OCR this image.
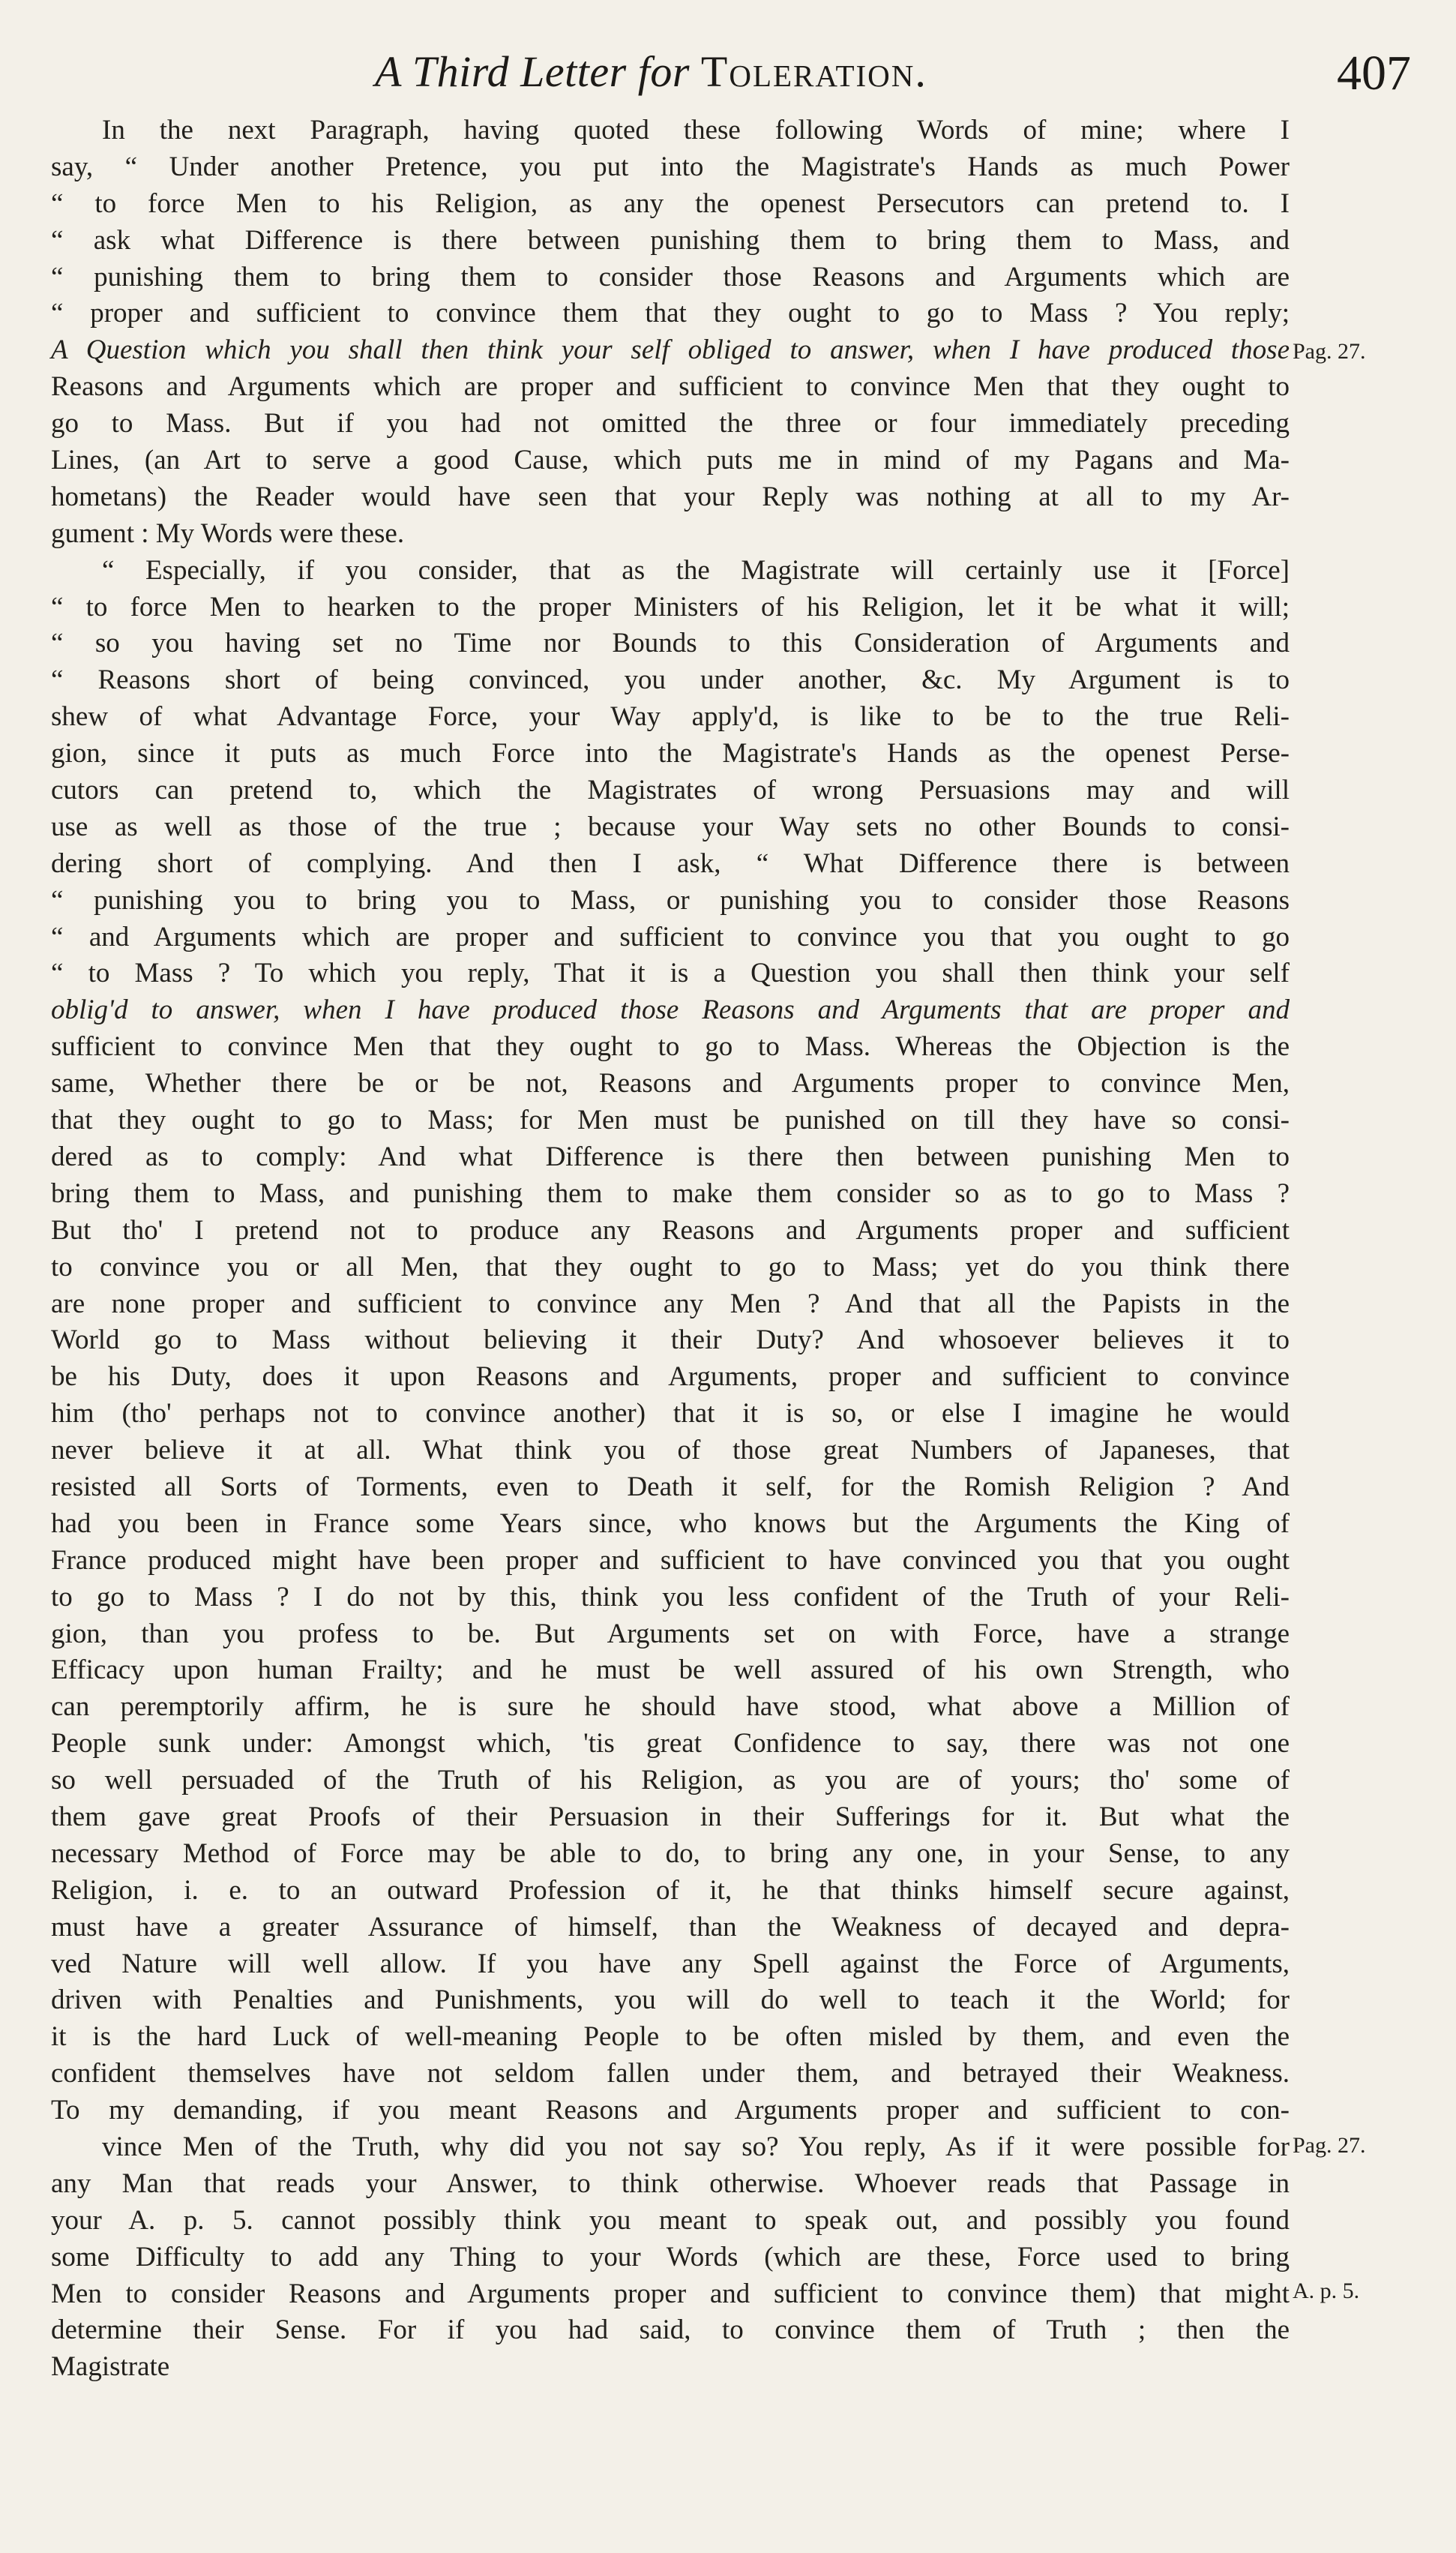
A Third Letter for Toleration.	407
In the next Paragraph, having quoted these following Words of mine; where I
say, “ Under another Pretence, you put into the Magistrate's Hands as much Power
“ to force Men to his Religion, as any the openest Persecutors can pretend to. I
“ ask what Difference is there between punishing them to bring them to Mass, and
“ punishing them to bring them to consider those Reasons and Arguments which are
“ proper and sufficient to convince them that they ought to go to Mass ? You reply;
A Question which you shall then think your self obliged to answer, when I have produced those
Reasons and Arguments which are proper and sufficient to convince Men that they ought to
go to Mass. But if you had not omitted the three or four immediately preceding
Lines, (an Art to serve a good Cause, which puts me in mind of my Pagans and Ma-
hometans) the Reader would have seen that your Reply was nothing at all to my Ar-
gument : My Words were these.
“ Especially, if you consider, that as the Magistrate will certainly use it [Force]
“ to force Men to hearken to the proper Ministers of his Religion, let it be what it will;
“ so you having set no Time nor Bounds to this Consideration of Arguments and
“ Reasons short of being convinced, you under another, &c. My Argument is to
shew of what Advantage Force, your Way apply'd, is like to be to the true Reli-
gion, since it puts as much Force into the Magistrate's Hands as the openest Perse-
cutors can pretend to, which the Magistrates of wrong Persuasions may and will
use as well as those of the true ; because your Way sets no other Bounds to consi-
dering short of complying. And then I ask, “ What Difference there is between
“ punishing you to bring you to Mass, or punishing you to consider those Reasons
“ and Arguments which are proper and sufficient to convince you that you ought to go
“ to Mass ? To which you reply, That it is a Question you shall then think your self
oblig'd to answer, when I have produced those Reasons and Arguments that are proper and
sufficient to convince Men that they ought to go to Mass. Whereas the Objection is the
same, Whether there be or be not, Reasons and Arguments proper to convince Men,
that they ought to go to Mass; for Men must be punished on till they have so consi-
dered as to comply: And what Difference is there then between punishing Men to
bring them to Mass, and punishing them to make them consider so as to go to Mass ?
But tho' I pretend not to produce any Reasons and Arguments proper and sufficient
to convince you or all Men, that they ought to go to Mass; yet do you think there
are none proper and sufficient to convince any Men ? And that all the Papists in the
World go to Mass without believing it their Duty? And whosoever believes it to
be his Duty, does it upon Reasons and Arguments, proper and sufficient to convince
him (tho' perhaps not to convince another) that it is so, or else I imagine he would
never believe it at all. What think you of those great Numbers of Japaneses, that
resisted all Sorts of Torments, even to Death it self, for the Romish Religion ? And
had you been in France some Years since, who knows but the Arguments the King of
France produced might have been proper and sufficient to have convinced you that you ought
to go to Mass ? I do not by this, think you less confident of the Truth of your Reli-
gion, than you profess to be. But Arguments set on with Force, have a strange
Efficacy upon human Frailty; and he must be well assured of his own Strength, who
can peremptorily affirm, he is sure he should have stood, what above a Million of
People sunk under: Amongst which, 'tis great Confidence to say, there was not one
so well persuaded of the Truth of his Religion, as you are of yours; tho' some of
them gave great Proofs of their Persuasion in their Sufferings for it. But what the
necessary Method of Force may be able to do, to bring any one, in your Sense, to any
Religion, i. e. to an outward Profession of it, he that thinks himself secure against,
must have a greater Assurance of himself, than the Weakness of decayed and depra-
ved Nature will well allow. If you have any Spell against the Force of Arguments,
driven with Penalties and Punishments, you will do well to teach it the World; for
it is the hard Luck of well-meaning People to be often misled by them, and even the
confident themselves have not seldom fallen under them, and betrayed their Weakness.
To my demanding, if you meant Reasons and Arguments proper and sufficient to con-
vince Men of the Truth, why did you not say so? You reply, As if it were possible for
any Man that reads your Answer, to think otherwise. Whoever reads that Passage in
your A. p. 5. cannot possibly think you meant to speak out, and possibly you found
some Difficulty to add any Thing to your Words (which are these, Force used to bring
Men to consider Reasons and Arguments proper and sufficient to convince them) that might
determine their Sense. For if you had said, to convince them of Truth ; then the
Magistrate
Pag. 27.
Pag. 27.
A. p. 5.
